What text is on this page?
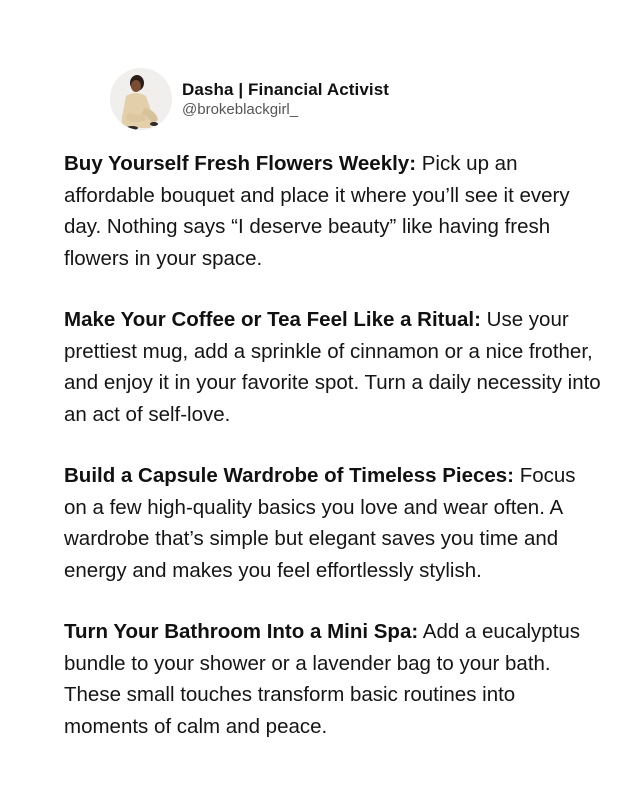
Dasha | Financial Activist
@brokeblackgirl_

Buy Yourself Fresh Flowers Weekly: Pick up an affordable bouquet and place it where you’ll see it every day. Nothing says “I deserve beauty” like having fresh flowers in your space.

Make Your Coffee or Tea Feel Like a Ritual: Use your prettiest mug, add a sprinkle of cinnamon or a nice frother, and enjoy it in your favorite spot. Turn a daily necessity into an act of self-love.

Build a Capsule Wardrobe of Timeless Pieces: Focus on a few high-quality basics you love and wear often. A wardrobe that’s simple but elegant saves you time and energy and makes you feel effortlessly stylish.

Turn Your Bathroom Into a Mini Spa: Add a eucalyptus bundle to your shower or a lavender bag to your bath. These small touches transform basic routines into moments of calm and peace.
